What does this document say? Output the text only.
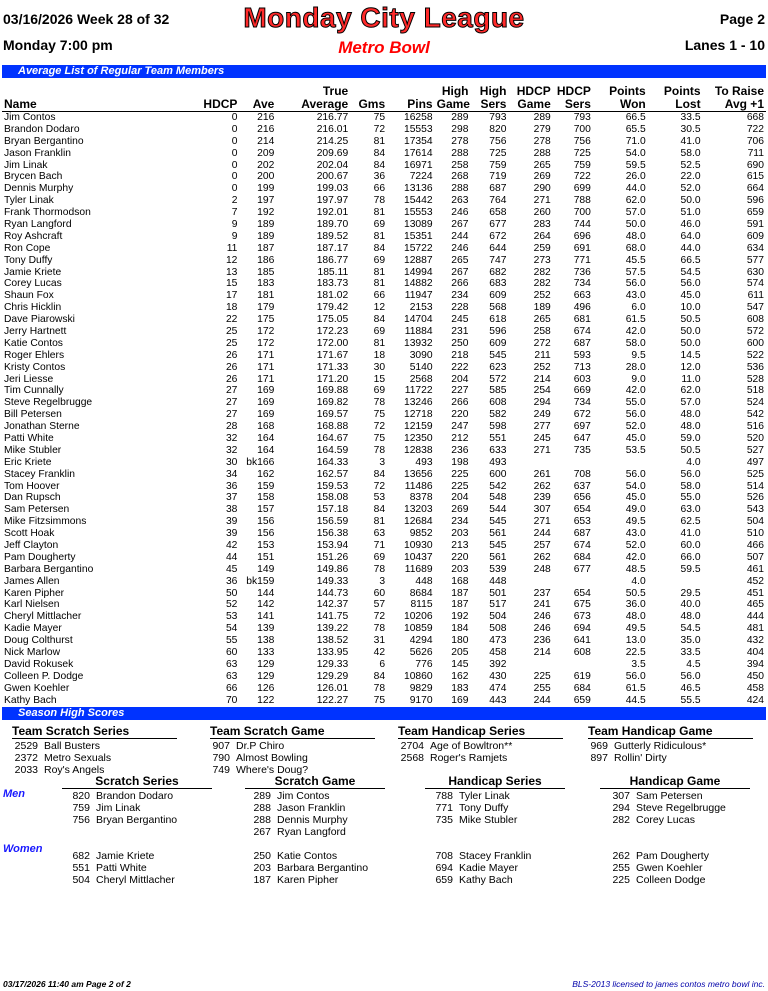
03/16/2026 Week 28 of 32	Monday City League	Page 2
Monday 7:00 pm	Metro Bowl	Lanes 1 - 10
Average List of Regular Team Members
Name	HDCP	Ave	True Average	Gms	Pins	High Game	High Sers	HDCP Game	HDCP Sers	Points Won	Points Lost	To Raise Avg +1
Jim Contos	0	216	216.77	75	16258	289	793	289	793	66.5	33.5	668
Brandon Dodaro	0	216	216.01	72	15553	298	820	279	700	65.5	30.5	722
Bryan Bergantino	0	214	214.25	81	17354	278	756	278	756	71.0	41.0	706
Jason Franklin	0	209	209.69	84	17614	288	725	288	725	54.0	58.0	711
Jim Linak	0	202	202.04	84	16971	258	759	265	759	59.5	52.5	690
Brycen Bach	0	200	200.67	36	7224	268	719	269	722	26.0	22.0	615
Dennis Murphy	0	199	199.03	66	13136	288	687	290	699	44.0	52.0	664
Tyler Linak	2	197	197.97	78	15442	263	764	271	788	62.0	50.0	596
Frank Thormodson	7	192	192.01	81	15553	246	658	260	700	57.0	51.0	659
Ryan Langford	9	189	189.70	69	13089	267	677	283	744	50.0	46.0	591
Roy Ashcraft	9	189	189.52	81	15351	244	672	264	696	48.0	64.0	609
Ron Cope	11	187	187.17	84	15722	246	644	259	691	68.0	44.0	634
Tony Duffy	12	186	186.77	69	12887	265	747	273	771	45.5	66.5	577
Jamie Kriete	13	185	185.11	81	14994	267	682	282	736	57.5	54.5	630
Corey Lucas	15	183	183.73	81	14882	266	683	282	734	56.0	56.0	574
Shaun Fox	17	181	181.02	66	11947	234	609	252	663	43.0	45.0	611
Chris Hicklin	18	179	179.42	12	2153	228	568	189	496	6.0	10.0	547
Dave Piarowski	22	175	175.05	84	14704	245	618	265	681	61.5	50.5	608
Jerry Hartnett	25	172	172.23	69	11884	231	596	258	674	42.0	50.0	572
Katie Contos	25	172	172.00	81	13932	250	609	272	687	58.0	50.0	600
Roger Ehlers	26	171	171.67	18	3090	218	545	211	593	9.5	14.5	522
Kristy Contos	26	171	171.33	30	5140	222	623	252	713	28.0	12.0	536
Jeri Liesse	26	171	171.20	15	2568	204	572	214	603	9.0	11.0	528
Tim Cunnally	27	169	169.88	69	11722	227	585	254	669	42.0	62.0	518
Steve Regelbrugge	27	169	169.82	78	13246	266	608	294	734	55.0	57.0	524
Bill Petersen	27	169	169.57	75	12718	220	582	249	672	56.0	48.0	542
Jonathan Sterne	28	168	168.88	72	12159	247	598	277	697	52.0	48.0	516
Patti White	32	164	164.67	75	12350	212	551	245	647	45.0	59.0	520
Mike Stubler	32	164	164.59	78	12838	236	633	271	735	53.5	50.5	527
Eric Kriete	30	bk166	164.33	3	493	198	493				4.0	497
Stacey Franklin	34	162	162.57	84	13656	225	600	261	708	56.0	56.0	525
Tom Hoover	36	159	159.53	72	11486	225	542	262	637	54.0	58.0	514
Dan Rupsch	37	158	158.08	53	8378	204	548	239	656	45.0	55.0	526
Sam Petersen	38	157	157.18	84	13203	269	544	307	654	49.0	63.0	543
Mike Fitzsimmons	39	156	156.59	81	12684	234	545	271	653	49.5	62.5	504
Scott Hoak	39	156	156.38	63	9852	203	561	244	687	43.0	41.0	510
Jeff Clayton	42	153	153.94	71	10930	213	545	257	674	52.0	60.0	466
Pam Dougherty	44	151	151.26	69	10437	220	561	262	684	42.0	66.0	507
Barbara Bergantino	45	149	149.86	78	11689	203	539	248	677	48.5	59.5	461
James Allen	36	bk159	149.33	3	448	168	448			4.0		452
Karen Pipher	50	144	144.73	60	8684	187	501	237	654	50.5	29.5	451
Karl Nielsen	52	142	142.37	57	8115	187	517	241	675	36.0	40.0	465
Cheryl Mittlacher	53	141	141.75	72	10206	192	504	246	673	48.0	48.0	444
Kadie Mayer	54	139	139.22	78	10859	184	508	246	694	49.5	54.5	481
Doug Colthurst	55	138	138.52	31	4294	180	473	236	641	13.0	35.0	432
Nick Marlow	60	133	133.95	42	5626	205	458	214	608	22.5	33.5	404
David Rokusek	63	129	129.33	6	776	145	392			3.5	4.5	394
Colleen P. Dodge	63	129	129.29	84	10860	162	430	225	619	56.0	56.0	450
Gwen Koehler	66	126	126.01	78	9829	183	474	255	684	61.5	46.5	458
Kathy Bach	70	122	122.27	75	9170	169	443	244	659	44.5	55.5	424
Season High Scores
Team Scratch Series
2529 Ball Busters
2372 Metro Sexuals
2033 Roy's Angels
Team Scratch Game
907 Dr.P Chiro
790 Almost Bowling
749 Where's Doug?
Team Handicap Series
2704 Age of Bowltron**
2568 Roger's Ramjets
Team Handicap Game
969 Gutterly Ridiculous*
897 Rollin' Dirty
Men
Women
Scratch Series
820 Brandon Dodaro
759 Jim Linak
756 Bryan Bergantino
682 Jamie Kriete
551 Patti White
504 Cheryl Mittlacher
Scratch Game
289 Jim Contos
288 Jason Franklin
288 Dennis Murphy
267 Ryan Langford
250 Katie Contos
203 Barbara Bergantino
187 Karen Pipher
Handicap Series
788 Tyler Linak
771 Tony Duffy
735 Mike Stubler
708 Stacey Franklin
694 Kadie Mayer
659 Kathy Bach
Handicap Game
307 Sam Petersen
294 Steve Regelbrugge
282 Corey Lucas
262 Pam Dougherty
255 Gwen Koehler
225 Colleen Dodge
03/17/2026 11:40 am Page 2 of 2	BLS-2013 licensed to james contos metro bowl inc.
